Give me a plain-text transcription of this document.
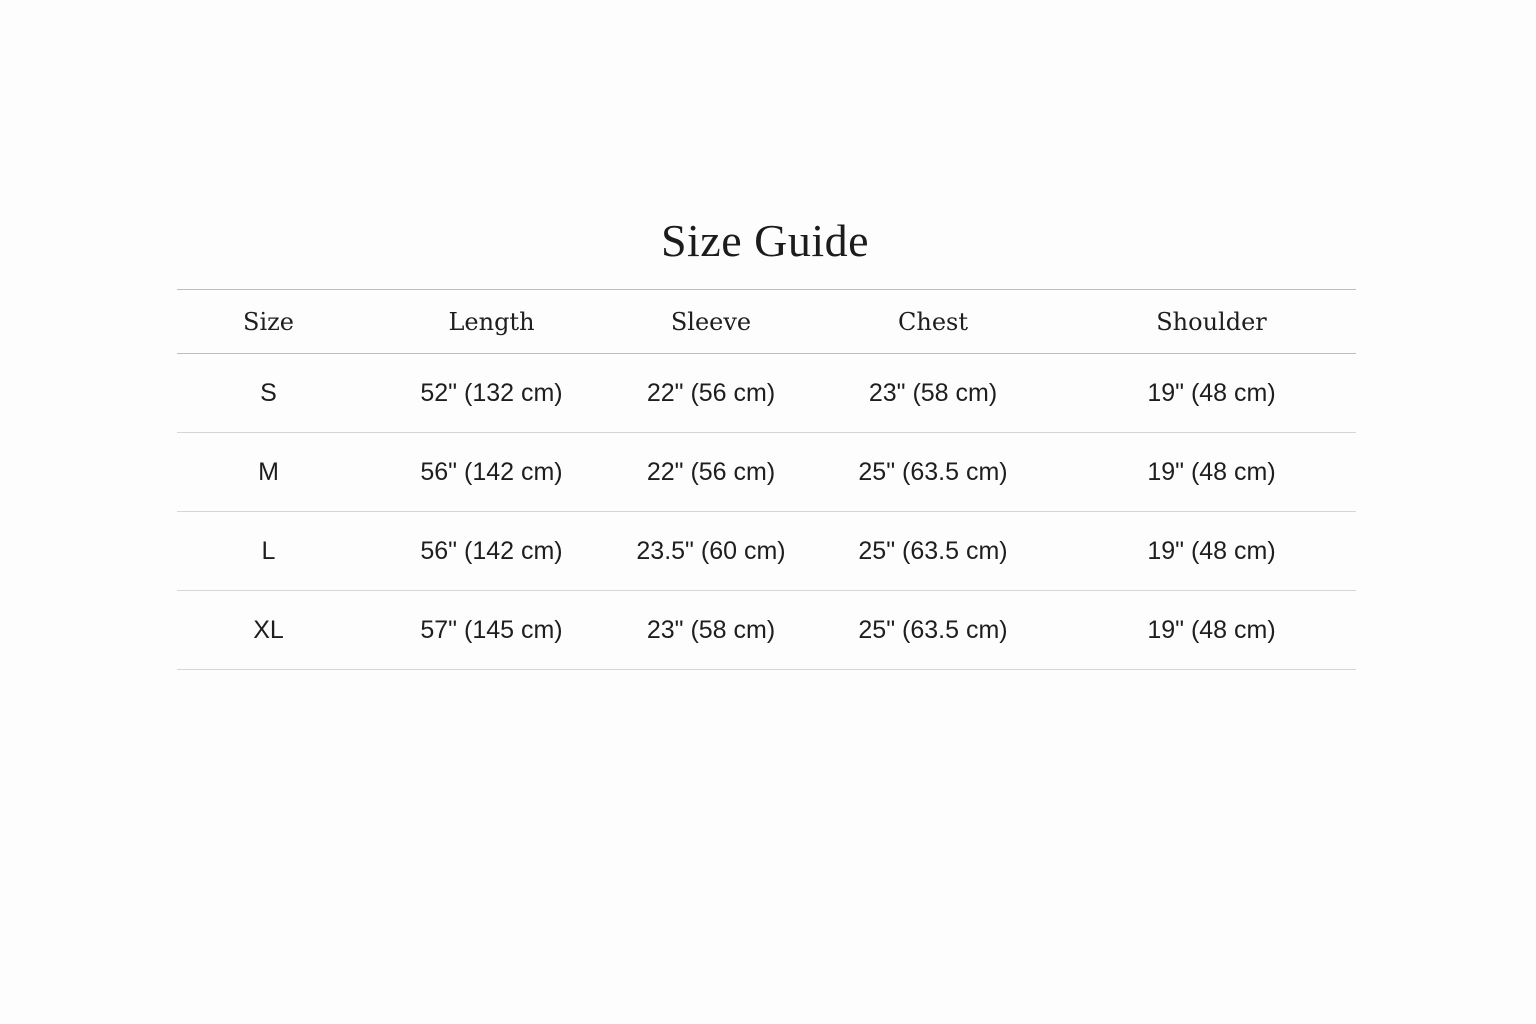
Size Guide
Size	Length	Sleeve	Chest	Shoulder
S	52" (132 cm)	22" (56 cm)	23" (58 cm)	19" (48 cm)
M	56" (142 cm)	22" (56 cm)	25" (63.5 cm)	19" (48 cm)
L	56" (142 cm)	23.5" (60 cm)	25" (63.5 cm)	19" (48 cm)
XL	57" (145 cm)	23" (58 cm)	25" (63.5 cm)	19" (48 cm)
